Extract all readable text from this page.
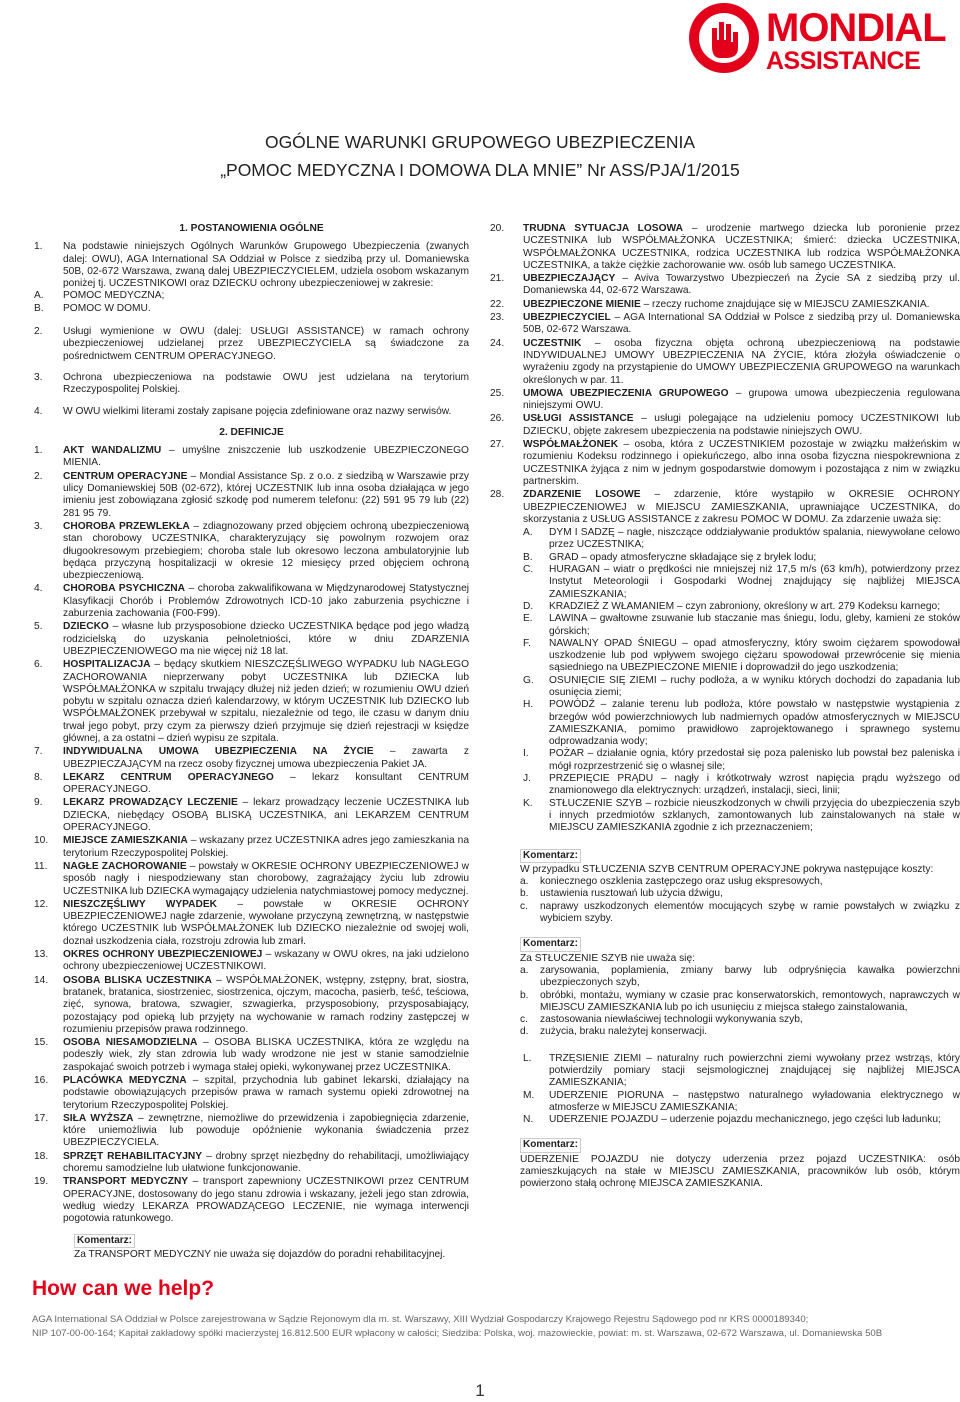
MONDIAL
ASSISTANCE
OGÓLNE WARUNKI GRUPOWEGO UBEZPIECZENIA
„POMOC MEDYCZNA I DOMOWA DLA MNIE” Nr ASS/PJA/1/2015
1. POSTANOWIENIA OGÓLNE
1. Na podstawie niniejszych Ogólnych Warunków Grupowego Ubezpieczenia (zwanych dalej: OWU), AGA International SA Oddział w Polsce z siedzibą przy ul. Domaniewska 50B, 02-672 Warszawa, zwaną dalej UBEZPIECZYCIELEM, udziela osobom wskazanym poniżej tj. UCZESTNIKOWI oraz DZIECKU ochrony ubezpieczeniowej w zakresie:
A. POMOC MEDYCZNA;
B. POMOC W DOMU.
2. Usługi wymienione w OWU (dalej: USŁUGI ASSISTANCE) w ramach ochrony ubezpieczeniowej udzielanej przez UBEZPIECZYCIELA są świadczone za pośrednictwem CENTRUM OPERACYJNEGO.
3. Ochrona ubezpieczeniowa na podstawie OWU jest udzielana na terytorium Rzeczypospolitej Polskiej.
4. W OWU wielkimi literami zostały zapisane pojęcia zdefiniowane oraz nazwy serwisów.
2. DEFINICJE
1. AKT WANDALIZMU – umyślne zniszczenie lub uszkodzenie UBEZPIECZONEGO MIENIA.
2. CENTRUM OPERACYJNE – Mondial Assistance Sp. z o.o. z siedzibą w Warszawie przy ulicy Domaniewskiej 50B (02-672), której UCZESTNIK lub inna osoba działająca w jego imieniu jest zobowiązana zgłosić szkodę pod numerem telefonu: (22) 591 95 79 lub (22) 281 95 79.
3. CHOROBA PRZEWLEKŁA – zdiagnozowany przed objęciem ochroną ubezpieczeniową stan chorobowy UCZESTNIKA, charakteryzujący się powolnym rozwojem oraz długookresowym przebiegiem; choroba stale lub okresowo leczona ambulatoryjnie lub będąca przyczyną hospitalizacji w okresie 12 miesięcy przed objęciem ochroną ubezpieczeniową.
4. CHOROBA PSYCHICZNA – choroba zakwalifikowana w Międzynarodowej Statystycznej Klasyfikacji Chorób i Problemów Zdrowotnych ICD-10 jako zaburzenia psychiczne i zaburzenia zachowania (F00-F99).
5. DZIECKO – własne lub przysposobione dziecko UCZESTNIKA będące pod jego władzą rodzicielską do uzyskania pełnoletniości, które w dniu ZDARZENIA UBEZPIECZENIOWEGO ma nie więcej niż 18 lat.
6. HOSPITALIZACJA – będący skutkiem NIESZCZĘŚLIWEGO WYPADKU lub NAGŁEGO ZACHOROWANIA nieprzerwany pobyt UCZESTNIKA lub DZIECKA lub WSPÓŁMAŁŻONKA w szpitalu trwający dłużej niż jeden dzień; w rozumieniu OWU dzień pobytu w szpitalu oznacza dzień kalendarzowy, w którym UCZESTNIK lub DZIECKO lub WSPÓŁMAŁŻONEK przebywał w szpitalu, niezależnie od tego, ile czasu w danym dniu trwał jego pobyt, przy czym za pierwszy dzień przyjmuje się dzień rejestracji w księdze głównej, a za ostatni – dzień wypisu ze szpitala.
7. INDYWIDUALNA UMOWA UBEZPIECZENIA NA ŻYCIE – zawarta z UBEZPIECZAJĄCYM na rzecz osoby fizycznej umowa ubezpieczenia Pakiet JA.
8. LEKARZ CENTRUM OPERACYJNEGO – lekarz konsultant CENTRUM OPERACYJNEGO.
9. LEKARZ PROWADZĄCY LECZENIE – lekarz prowadzący leczenie UCZESTNIKA lub DZIECKA, niebędący OSOBĄ BLISKĄ UCZESTNIKA, ani LEKARZEM CENTRUM OPERACYJNEGO.
10. MIEJSCE ZAMIESZKANIA – wskazany przez UCZESTNIKA adres jego zamieszkania na terytorium Rzeczypospolitej Polskiej.
11. NAGŁE ZACHOROWANIE – powstały w OKRESIE OCHRONY UBEZPIECZENIOWEJ w sposób nagły i niespodziewany stan chorobowy, zagrażający życiu lub zdrowiu UCZESTNIKA lub DZIECKA wymagający udzielenia natychmiastowej pomocy medycznej.
12. NIESZCZĘŚLIWY WYPADEK – powstałe w OKRESIE OCHRONY UBEZPIECZENIOWEJ nagłe zdarzenie, wywołane przyczyną zewnętrzną, w następstwie którego UCZESTNIK lub WSPÓŁMAŁŻONEK lub DZIECKO niezależnie od swojej woli, doznał uszkodzenia ciała, rozstroju zdrowia lub zmarł.
13. OKRES OCHRONY UBEZPIECZENIOWEJ – wskazany w OWU okres, na jaki udzielono ochrony ubezpieczeniowej UCZESTNIKOWI.
14. OSOBA BLISKA UCZESTNIKA – WSPÓŁMAŁŻONEK, wstępny, zstępny, brat, siostra, bratanek, bratanica, siostrzeniec, siostrzenica, ojczym, macocha, pasierb, teść, teściowa, zięć, synowa, bratowa, szwagier, szwagierka, przysposobiony, przysposabiający, pozostający pod opieką lub przyjęty na wychowanie w ramach rodziny zastępczej w rozumieniu przepisów prawa rodzinnego.
15. OSOBA NIESAMODZIELNA – OSOBA BLISKA UCZESTNIKA, która ze względu na podeszły wiek, zły stan zdrowia lub wady wrodzone nie jest w stanie samodzielnie zaspokajać swoich potrzeb i wymaga stałej opieki, wykonywanej przez UCZESTNIKA.
16. PLACÓWKA MEDYCZNA – szpital, przychodnia lub gabinet lekarski, działający na podstawie obowiązujących przepisów prawa w ramach systemu opieki zdrowotnej na terytorium Rzeczypospolitej Polskiej.
17. SIŁA WYŻSZA – zewnętrzne, niemożliwe do przewidzenia i zapobiegnięcia zdarzenie, które uniemożliwia lub powoduje opóźnienie wykonania świadczenia przez UBEZPIECZYCIELA.
18. SPRZĘT REHABILITACYJNY – drobny sprzęt niezbędny do rehabilitacji, umożliwiający choremu samodzielne lub ułatwione funkcjonowanie.
19. TRANSPORT MEDYCZNY – transport zapewniony UCZESTNIKOWI przez CENTRUM OPERACYJNE, dostosowany do jego stanu zdrowia i wskazany, jeżeli jego stan zdrowia, według wiedzy LEKARZA PROWADZĄCEGO LECZENIE, nie wymaga interwencji pogotowia ratunkowego.
Komentarz:
Za TRANSPORT MEDYCZNY nie uważa się dojazdów do poradni rehabilitacyjnej.
20. TRUDNA SYTUACJA LOSOWA – urodzenie martwego dziecka lub poronienie przez UCZESTNIKA lub WSPÓŁMAŁŻONKA UCZESTNIKA; śmierć: dziecka UCZESTNIKA, WSPÓŁMAŁŻONKA UCZESTNIKA, rodzica UCZESTNIKA lub rodzica WSPÓŁMAŁŻONKA UCZESTNIKA, a także ciężkie zachorowanie ww. osób lub samego UCZESTNIKA.
21. UBEZPIECZAJĄCY – Aviva Towarzystwo Ubezpieczeń na Życie SA z siedzibą przy ul. Domaniewska 44, 02-672 Warszawa.
22. UBEZPIECZONE MIENIE – rzeczy ruchome znajdujące się w MIEJSCU ZAMIESZKANIA.
23. UBEZPIECZYCIEL – AGA International SA Oddział w Polsce z siedzibą przy ul. Domaniewska 50B, 02-672 Warszawa.
24. UCZESTNIK – osoba fizyczna objęta ochroną ubezpieczeniową na podstawie INDYWIDUALNEJ UMOWY UBEZPIECZENIA NA ŻYCIE, która złożyła oświadczenie o wyrażeniu zgody na przystąpienie do UMOWY UBEZPIECZENIA GRUPOWEGO na warunkach określonych w par. 11.
25. UMOWA UBEZPIECZENIA GRUPOWEGO – grupowa umowa ubezpieczenia regulowana niniejszymi OWU.
26. USŁUGI ASSISTANCE – usługi polegające na udzieleniu pomocy UCZESTNIKOWI lub DZIECKU, objęte zakresem ubezpieczenia na podstawie niniejszych OWU.
27. WSPÓŁMAŁŻONEK – osoba, która z UCZESTNIKIEM pozostaje w związku małżeńskim w rozumieniu Kodeksu rodzinnego i opiekuńczego, albo inna osoba fizyczna niespokrewniona z UCZESTNIKA żyjąca z nim w jednym gospodarstwie domowym i pozostająca z nim w związku partnerskim.
28. ZDARZENIE LOSOWE – zdarzenie, które wystąpiło w OKRESIE OCHRONY UBEZPIECZENIOWEJ w MIEJSCU ZAMIESZKANIA, uprawniające UCZESTNIKA, do skorzystania z USŁUG ASSISTANCE z zakresu POMOC W DOMU. Za zdarzenie uważa się:
A. DYM I SADZĘ – nagłe, niszczące oddziaływanie produktów spalania, niewywołane celowo przez UCZESTNIKA;
B. GRAD – opady atmosferyczne składające się z bryłek lodu;
C. HURAGAN – wiatr o prędkości nie mniejszej niż 17,5 m/s (63 km/h), potwierdzony przez Instytut Meteorologii i Gospodarki Wodnej znajdujący się najbliżej MIEJSCA ZAMIESZKANIA;
D. KRADZIEŻ Z WŁAMANIEM – czyn zabroniony, określony w art. 279 Kodeksu karnego;
E. LAWINA – gwałtowne zsuwanie lub staczanie mas śniegu, lodu, gleby, kamieni ze stoków górskich;
F. NAWALNY OPAD ŚNIEGU – opad atmosferyczny, który swoim ciężarem spowodował uszkodzenie lub pod wpływem swojego ciężaru spowodował przewrócenie się mienia sąsiedniego na UBEZPIECZONE MIENIE i doprowadził do jego uszkodzenia;
G. OSUNIĘCIE SIĘ ZIEMI – ruchy podłoża, a w wyniku których dochodzi do zapadania lub osunięcia ziemi;
H. POWÓDŹ – zalanie terenu lub podłoża, które powstało w następstwie wystąpienia z brzegów wód powierzchniowych lub nadmiernych opadów atmosferycznych w MIEJSCU ZAMIESZKANIA, pomimo prawidłowo zaprojektowanego i sprawnego systemu odprowadzania wody;
I. POŻAR – działanie ognia, który przedostał się poza palenisko lub powstał bez paleniska i mógł rozprzestrzenić się o własnej sile;
J. PRZEPIĘCIE PRĄDU – nagły i krótkotrwały wzrost napięcia prądu wyższego od znamionowego dla elektrycznych: urządzeń, instalacji, sieci, linii;
K. STŁUCZENIE SZYB – rozbicie nieuszkodzonych w chwili przyjęcia do ubezpieczenia szyb i innych przedmiotów szklanych, zamontowanych lub zainstalowanych na stałe w MIEJSCU ZAMIESZKANIA zgodnie z ich przeznaczeniem;
Komentarz:
W przypadku STŁUCZENIA SZYB CENTRUM OPERACYJNE pokrywa następujące koszty:
a. koniecznego oszklenia zastępczego oraz usług ekspresowych,
b. ustawienia rusztowań lub użycia dźwigu,
c. naprawy uszkodzonych elementów mocujących szybę w ramie powstałych w związku z wybiciem szyby.
Komentarz:
Za STŁUCZENIE SZYB nie uważa się:
a. zarysowania, poplamienia, zmiany barwy lub odpryśnięcia kawałka powierzchni ubezpieczonych szyb,
b. obróbki, montażu, wymiany w czasie prac konserwatorskich, remontowych, naprawczych w MIEJSCU ZAMIESZKANIA lub po ich usunięciu z miejsca stałego zainstalowania,
c. zastosowania niewłaściwej technologii wykonywania szyb,
d. zużycia, braku należytej konserwacji.
L. TRZĘSIENIE ZIEMI – naturalny ruch powierzchni ziemi wywołany przez wstrząs, który potwierdzily pomiary stacji sejsmologicznej znajdującej się najbliżej MIEJSCA ZAMIESZKANIA;
M. UDERZENIE PIORUNA – następstwo naturalnego wyładowania elektrycznego w atmosferze w MIEJSCU ZAMIESZKANIA;
N. UDERZENIE POJAZDU – uderzenie pojazdu mechanicznego, jego części lub ładunku;
Komentarz:
UDERZENIE POJAZDU nie dotyczy uderzenia przez pojazd UCZESTNIKA: osób zamieszkujących na stałe w MIEJSCU ZAMIESZKANIA, pracowników lub osób, którym powierzono stałą ochronę MIEJSCA ZAMIESZKANIA.
How can we help?
AGA International SA Oddział w Polsce zarejestrowana w Sądzie Rejonowym dla m. st. Warszawy, XIII Wydział Gospodarczy Krajowego Rejestru Sądowego pod nr KRS 0000189340;
NIP 107-00-00-164; Kapitał zakładowy spółki macierzystej 16.812.500 EUR wpłacony w całości; Siedziba: Polska, woj. mazowieckie, powiat: m. st. Warszawa, 02-672 Warszawa, ul. Domaniewska 50B
1
